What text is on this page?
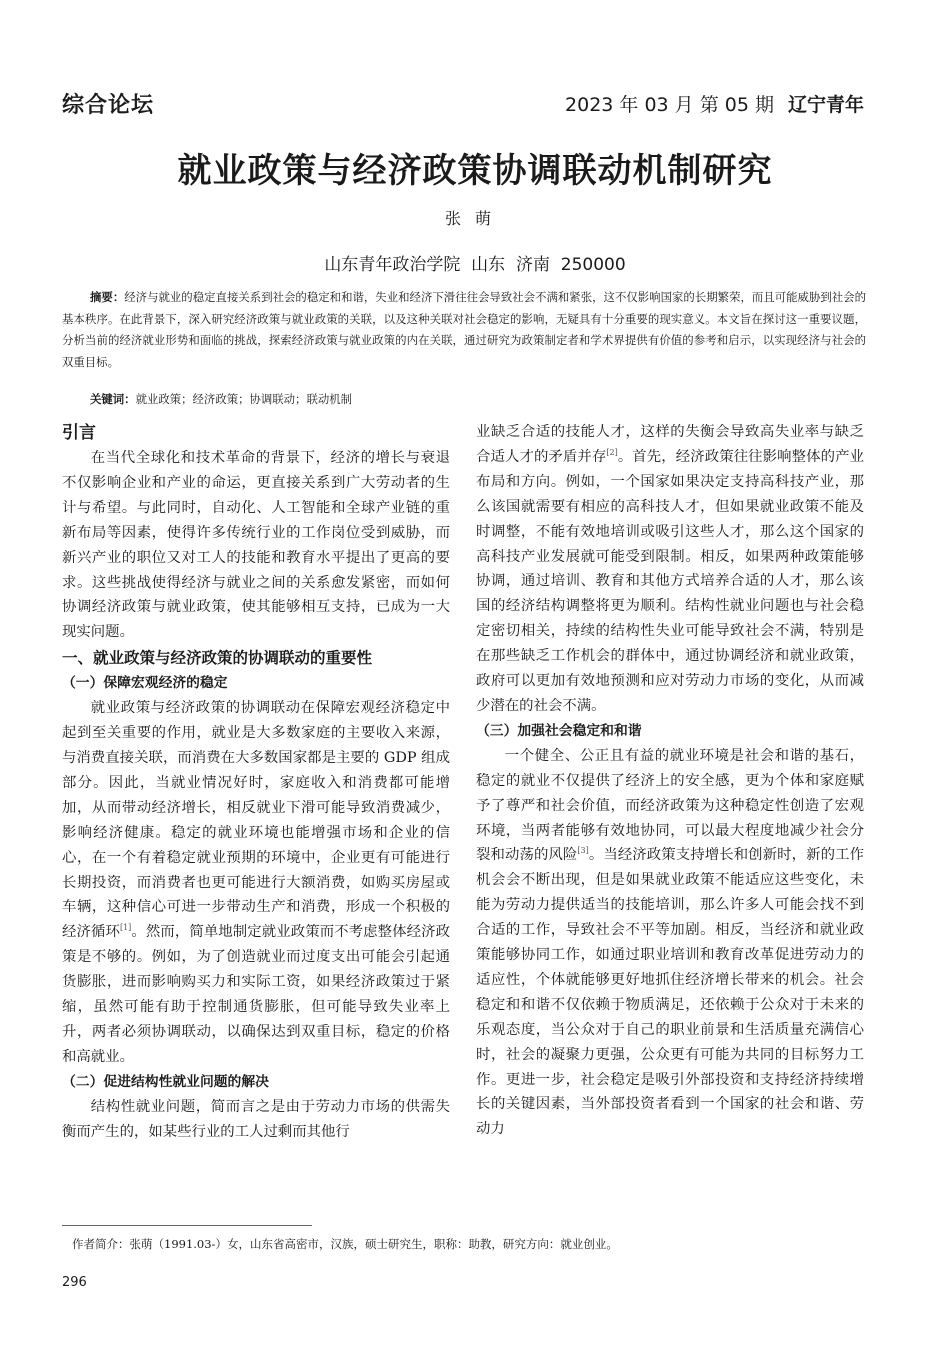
综合论坛	2023 年 03 月 第 05 期 辽宁青年
就业政策与经济政策协调联动机制研究
张萌
山东青年政治学院  山东  济南  250000
摘要：经济与就业的稳定直接关系到社会的稳定和和谐，失业和经济下滑往往会导致社会不满和紧张，这不仅影响国家的长期繁荣，而且可能威胁到社会的基本秩序。在此背景下，深入研究经济政策与就业政策的关联，以及这种关联对社会稳定的影响，无疑具有十分重要的现实意义。本文旨在探讨这一重要议题，分析当前的经济就业形势和面临的挑战，探索经济政策与就业政策的内在关联，通过研究为政策制定者和学术界提供有价值的参考和启示，以实现经济与社会的双重目标。
关键词：就业政策；经济政策；协调联动；联动机制
引言

在当代全球化和技术革命的背景下，经济的增长与衰退不仅影响企业和产业的命运，更直接关系到广大劳动者的生计与希望。与此同时，自动化、人工智能和全球产业链的重新布局等因素，使得许多传统行业的工作岗位受到威胁，而新兴产业的职位又对工人的技能和教育水平提出了更高的要求。这些挑战使得经济与就业之间的关系愈发紧密，而如何协调经济政策与就业政策，使其能够相互支持，已成为一大现实问题。

一、就业政策与经济政策的协调联动的重要性
（一）保障宏观经济的稳定

就业政策与经济政策的协调联动在保障宏观经济稳定中起到至关重要的作用，就业是大多数家庭的主要收入来源，与消费直接关联，而消费在大多数国家都是主要的 GDP 组成部分。因此，当就业情况好时，家庭收入和消费都可能增加，从而带动经济增长，相反就业下滑可能导致消费减少，影响经济健康。稳定的就业环境也能增强市场和企业的信心，在一个有着稳定就业预期的环境中，企业更有可能进行长期投资，而消费者也更可能进行大额消费，如购买房屋或车辆，这种信心可进一步带动生产和消费，形成一个积极的经济循环[1]。然而，简单地制定就业政策而不考虑整体经济政策是不够的。例如，为了创造就业而过度支出可能会引起通货膨胀，进而影响购买力和实际工资，如果经济政策过于紧缩，虽然可能有助于控制通货膨胀，但可能导致失业率上升，两者必须协调联动，以确保达到双重目标，稳定的价格和高就业。

（二）促进结构性就业问题的解决

结构性就业问题，简而言之是由于劳动力市场的供需失衡而产生的，如某些行业的工人过剩而其他行

业缺乏合适的技能人才，这样的失衡会导致高失业率与缺乏合适人才的矛盾并存[2]。首先，经济政策往往影响整体的产业布局和方向。例如，一个国家如果决定支持高科技产业，那么该国就需要有相应的高科技人才，但如果就业政策不能及时调整，不能有效地培训或吸引这些人才，那么这个国家的高科技产业发展就可能受到限制。相反，如果两种政策能够协调，通过培训、教育和其他方式培养合适的人才，那么该国的经济结构调整将更为顺利。结构性就业问题也与社会稳定密切相关，持续的结构性失业可能导致社会不满，特别是在那些缺乏工作机会的群体中，通过协调经济和就业政策，政府可以更加有效地预测和应对劳动力市场的变化，从而减少潜在的社会不满。

（三）加强社会稳定和和谐

一个健全、公正且有益的就业环境是社会和谐的基石，稳定的就业不仅提供了经济上的安全感，更为个体和家庭赋予了尊严和社会价值，而经济政策为这种稳定性创造了宏观环境，当两者能够有效地协同，可以最大程度地减少社会分裂和动荡的风险[3]。当经济政策支持增长和创新时，新的工作机会会不断出现，但是如果就业政策不能适应这些变化，未能为劳动力提供适当的技能培训，那么许多人可能会找不到合适的工作，导致社会不平等加剧。相反，当经济和就业政策能够协同工作，如通过职业培训和教育改革促进劳动力的适应性，个体就能够更好地抓住经济增长带来的机会。社会稳定和和谐不仅依赖于物质满足，还依赖于公众对于未来的乐观态度，当公众对于自己的职业前景和生活质量充满信心时，社会的凝聚力更强，公众更有可能为共同的目标努力工作。更进一步，社会稳定是吸引外部投资和支持经济持续增长的关键因素，当外部投资者看到一个国家的社会和谐、劳动力

作者简介：张萌（1991.03-）女，山东省高密市，汉族，硕士研究生，职称：助教，研究方向：就业创业。
296
